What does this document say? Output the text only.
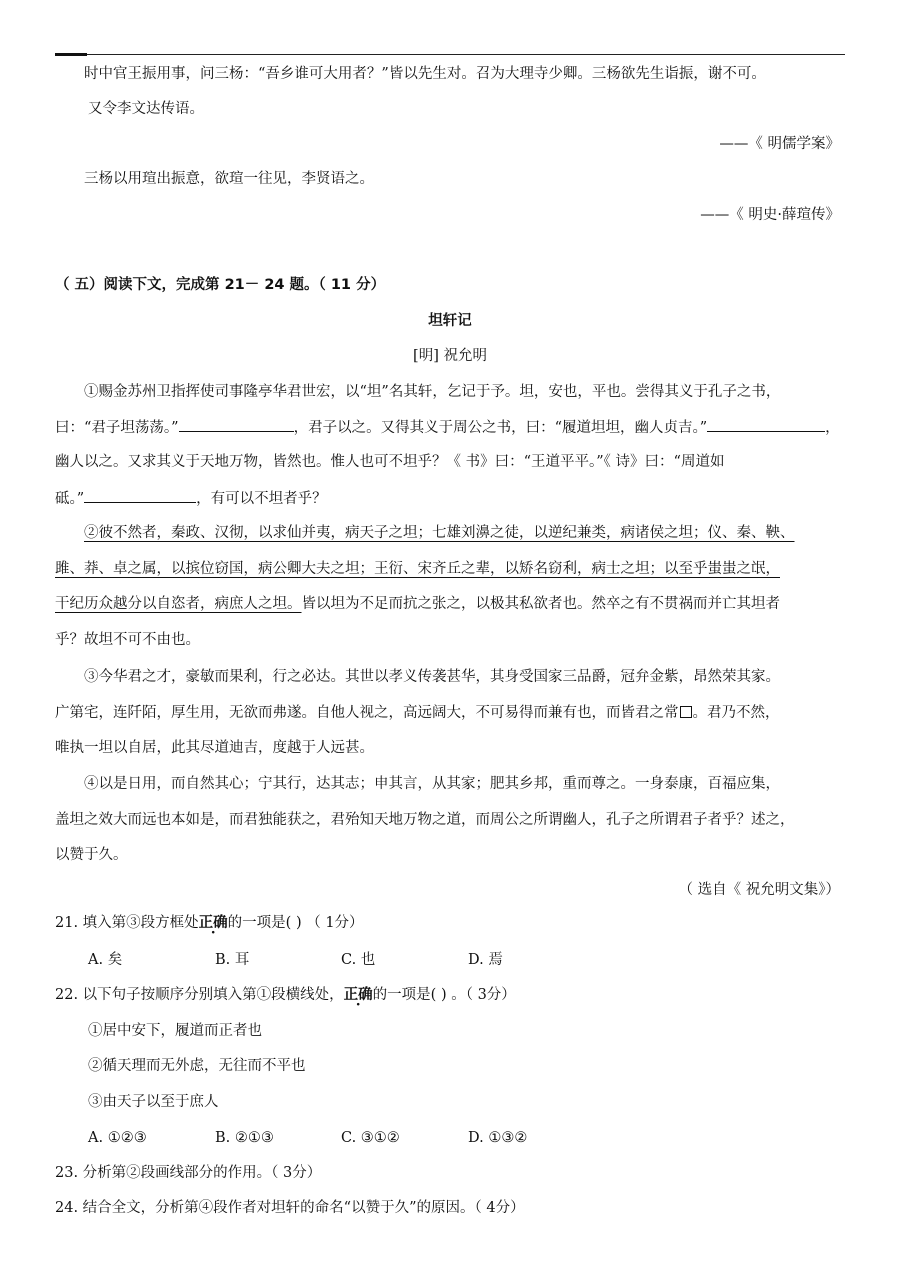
时中官王振用事，问三杨：“吾乡谁可大用者？”皆以先生对。召为大理寺少卿。三杨欲先生诣振，谢不可。
又令李文达传语。
——《 明儒学案》
三杨以用瑄出振意，欲瑄一往见，李贤语之。
——《 明史·薛瑄传》
（ 五）阅读下文，完成第 21－ 24 题。（ 11 分）
坦轩记
[明] 祝允明
①赐金苏州卫指挥使司事隆亭华君世宏，以“坦”名其轩，乞记于予。坦，安也，平也。尝得其义于孔子之书，
曰：“君子坦荡荡。”	，君子以之。又得其义于周公之书，曰：“履道坦坦，幽人贞吉。”	，
幽人以之。又求其义于天地万物，皆然也。惟人也可不坦乎？《 书》曰：“王道平平。”《 诗》曰：“周道如
砥。”	，有可以不坦者乎？
②彼不然者，秦政、汉彻，以求仙并夷，病天子之坦；七雄刘濞之徒，以逆纪兼类，病诸侯之坦；仪、秦、鞅、
雎、莽、卓之属，以摈位窃国，病公卿大夫之坦；王衍、宋齐丘之辈，以矫名窃利，病士之坦；以至乎蚩蚩之氓，
干纪历众越分以自恣者，病庶人之坦。皆以坦为不足而抗之张之，以极其私欲者也。然卒之有不贯祸而并亡其坦者
乎？故坦不可不由也。
③今华君之才，豪敏而果利，行之必达。其世以孝义传袭甚华，其身受国家三品爵，冠弁金紫，昂然荣其家。
广第宅，连阡陌，厚生用，无欲而弗遂。自他人视之，高远阔大，不可易得而兼有也，而皆君之常 。君乃不然，
唯执一坦以自居，此其尽道迪吉，度越于人远甚。
④以是日用，而自然其心；宁其行，达其志；申其言，从其家；肥其乡邦，重而尊之。一身泰康，百福应集，
盖坦之效大而远也本如是，而君独能获之，君殆知天地万物之道，而周公之所谓幽人，孔子之所谓君子者乎？述之，
以赞于久。
（ 选自《 祝允明文集》）
21. 填入第③段方框处正确的一项是( ) （ 1分）
A. 矣	B. 耳	C. 也	D. 焉
22. 以下句子按顺序分别填入第①段横线处，正确的一项是( ) 。（ 3分）
①居中安下，履道而正者也
②循天理而无外虑，无往而不平也
③由天子以至于庶人
A. ①②③	B. ②①③	C. ③①②	D. ①③②
23. 分析第②段画线部分的作用。（ 3分）
24. 结合全文，分析第④段作者对坦轩的命名“以赞于久”的原因。（ 4分）
